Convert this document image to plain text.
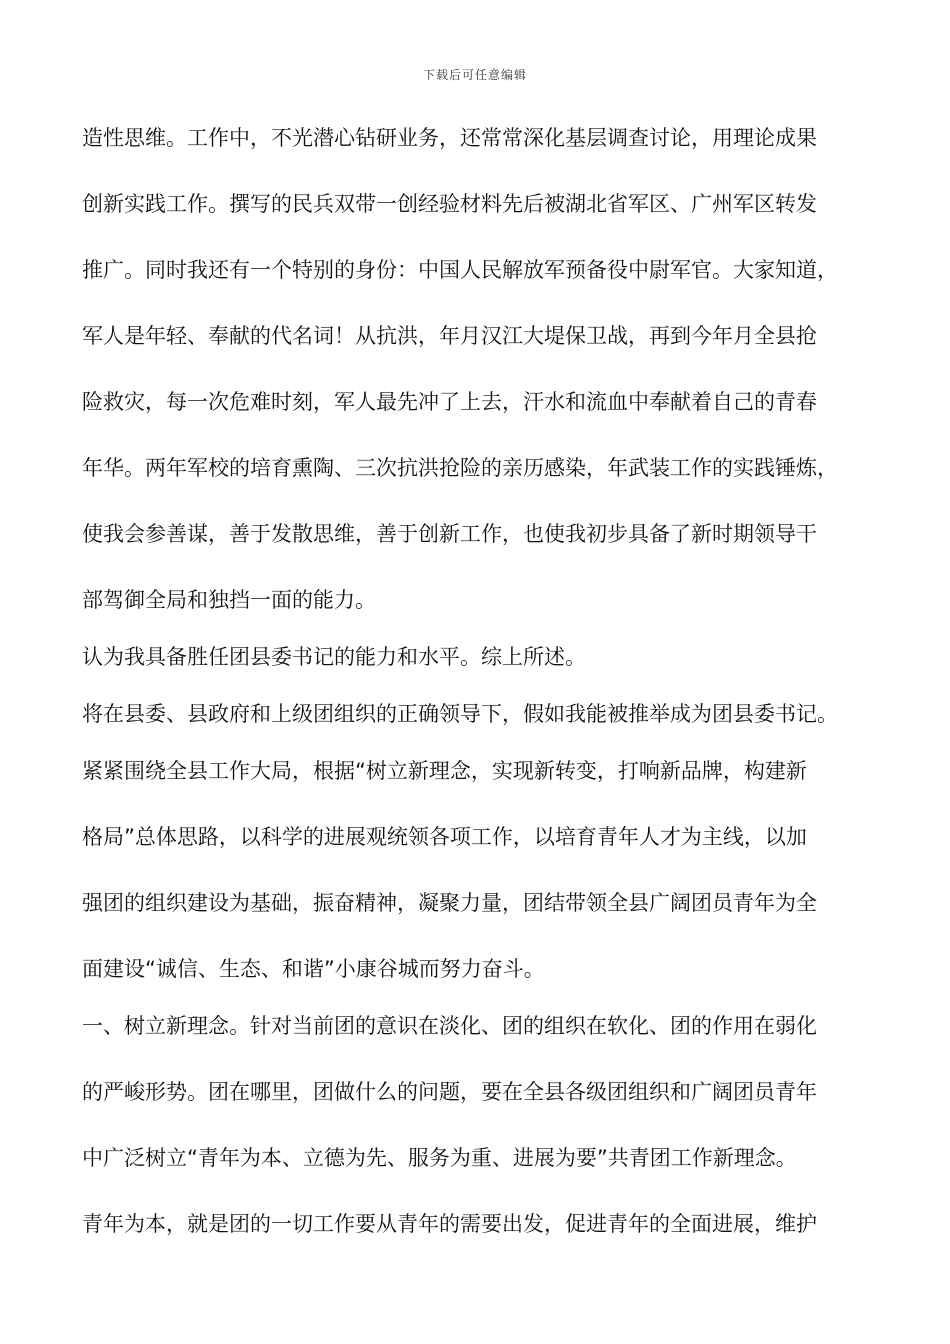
下载后可任意编辑
造性思维。工作中，不光潜心钻研业务，还常常深化基层调查讨论，用理论成果
创新实践工作。撰写的民兵双带一创经验材料先后被湖北省军区、广州军区转发
推广。同时我还有一个特别的身份：中国人民解放军预备役中尉军官。大家知道，
军人是年轻、奉献的代名词！从抗洪，年月汉江大堤保卫战，再到今年月全县抢
险救灾，每一次危难时刻，军人最先冲了上去，汗水和流血中奉献着自己的青春
年华。两年军校的培育熏陶、三次抗洪抢险的亲历感染，年武装工作的实践锤炼，
使我会参善谋，善于发散思维，善于创新工作，也使我初步具备了新时期领导干
部驾御全局和独挡一面的能力。
认为我具备胜任团县委书记的能力和水平。综上所述。
将在县委、县政府和上级团组织的正确领导下，假如我能被推举成为团县委书记。
紧紧围绕全县工作大局，根据“树立新理念，实现新转变，打响新品牌，构建新
格局”总体思路，以科学的进展观统领各项工作，以培育青年人才为主线，以加
强团的组织建设为基础，振奋精神，凝聚力量，团结带领全县广阔团员青年为全
面建设“诚信、生态、和谐”小康谷城而努力奋斗。
一、树立新理念。针对当前团的意识在淡化、团的组织在软化、团的作用在弱化
的严峻形势。团在哪里，团做什么的问题，要在全县各级团组织和广阔团员青年
中广泛树立“青年为本、立德为先、服务为重、进展为要”共青团工作新理念。
青年为本，就是团的一切工作要从青年的需要出发，促进青年的全面进展，维护
